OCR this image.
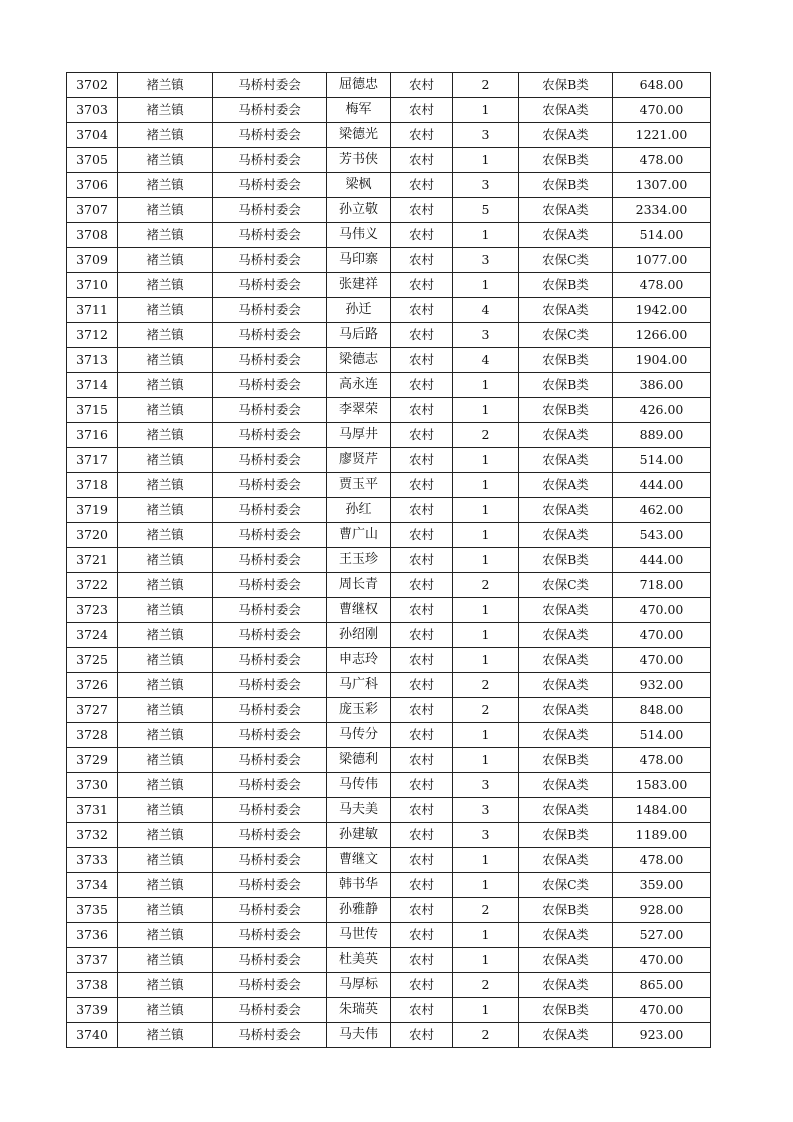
3702	褚兰镇	马桥村委会	屈德忠	农村	2	农保B类	648.00
3703	褚兰镇	马桥村委会	梅军	农村	1	农保A类	470.00
3704	褚兰镇	马桥村委会	梁德光	农村	3	农保A类	1221.00
3705	褚兰镇	马桥村委会	芳书侠	农村	1	农保B类	478.00
3706	褚兰镇	马桥村委会	梁枫	农村	3	农保B类	1307.00
3707	褚兰镇	马桥村委会	孙立敬	农村	5	农保A类	2334.00
3708	褚兰镇	马桥村委会	马伟义	农村	1	农保A类	514.00
3709	褚兰镇	马桥村委会	马印寨	农村	3	农保C类	1077.00
3710	褚兰镇	马桥村委会	张建祥	农村	1	农保B类	478.00
3711	褚兰镇	马桥村委会	孙迁	农村	4	农保A类	1942.00
3712	褚兰镇	马桥村委会	马后路	农村	3	农保C类	1266.00
3713	褚兰镇	马桥村委会	梁德志	农村	4	农保B类	1904.00
3714	褚兰镇	马桥村委会	高永连	农村	1	农保B类	386.00
3715	褚兰镇	马桥村委会	李翠荣	农村	1	农保B类	426.00
3716	褚兰镇	马桥村委会	马厚井	农村	2	农保A类	889.00
3717	褚兰镇	马桥村委会	廖贤芹	农村	1	农保A类	514.00
3718	褚兰镇	马桥村委会	贾玉平	农村	1	农保A类	444.00
3719	褚兰镇	马桥村委会	孙红	农村	1	农保A类	462.00
3720	褚兰镇	马桥村委会	曹广山	农村	1	农保A类	543.00
3721	褚兰镇	马桥村委会	王玉珍	农村	1	农保B类	444.00
3722	褚兰镇	马桥村委会	周长青	农村	2	农保C类	718.00
3723	褚兰镇	马桥村委会	曹继权	农村	1	农保A类	470.00
3724	褚兰镇	马桥村委会	孙绍刚	农村	1	农保A类	470.00
3725	褚兰镇	马桥村委会	申志玲	农村	1	农保A类	470.00
3726	褚兰镇	马桥村委会	马广科	农村	2	农保A类	932.00
3727	褚兰镇	马桥村委会	庞玉彩	农村	2	农保A类	848.00
3728	褚兰镇	马桥村委会	马传分	农村	1	农保A类	514.00
3729	褚兰镇	马桥村委会	梁德利	农村	1	农保B类	478.00
3730	褚兰镇	马桥村委会	马传伟	农村	3	农保A类	1583.00
3731	褚兰镇	马桥村委会	马夫美	农村	3	农保A类	1484.00
3732	褚兰镇	马桥村委会	孙建敏	农村	3	农保B类	1189.00
3733	褚兰镇	马桥村委会	曹继文	农村	1	农保A类	478.00
3734	褚兰镇	马桥村委会	韩书华	农村	1	农保C类	359.00
3735	褚兰镇	马桥村委会	孙雅静	农村	2	农保B类	928.00
3736	褚兰镇	马桥村委会	马世传	农村	1	农保A类	527.00
3737	褚兰镇	马桥村委会	杜美英	农村	1	农保A类	470.00
3738	褚兰镇	马桥村委会	马厚标	农村	2	农保A类	865.00
3739	褚兰镇	马桥村委会	朱瑞英	农村	1	农保B类	470.00
3740	褚兰镇	马桥村委会	马夫伟	农村	2	农保A类	923.00
